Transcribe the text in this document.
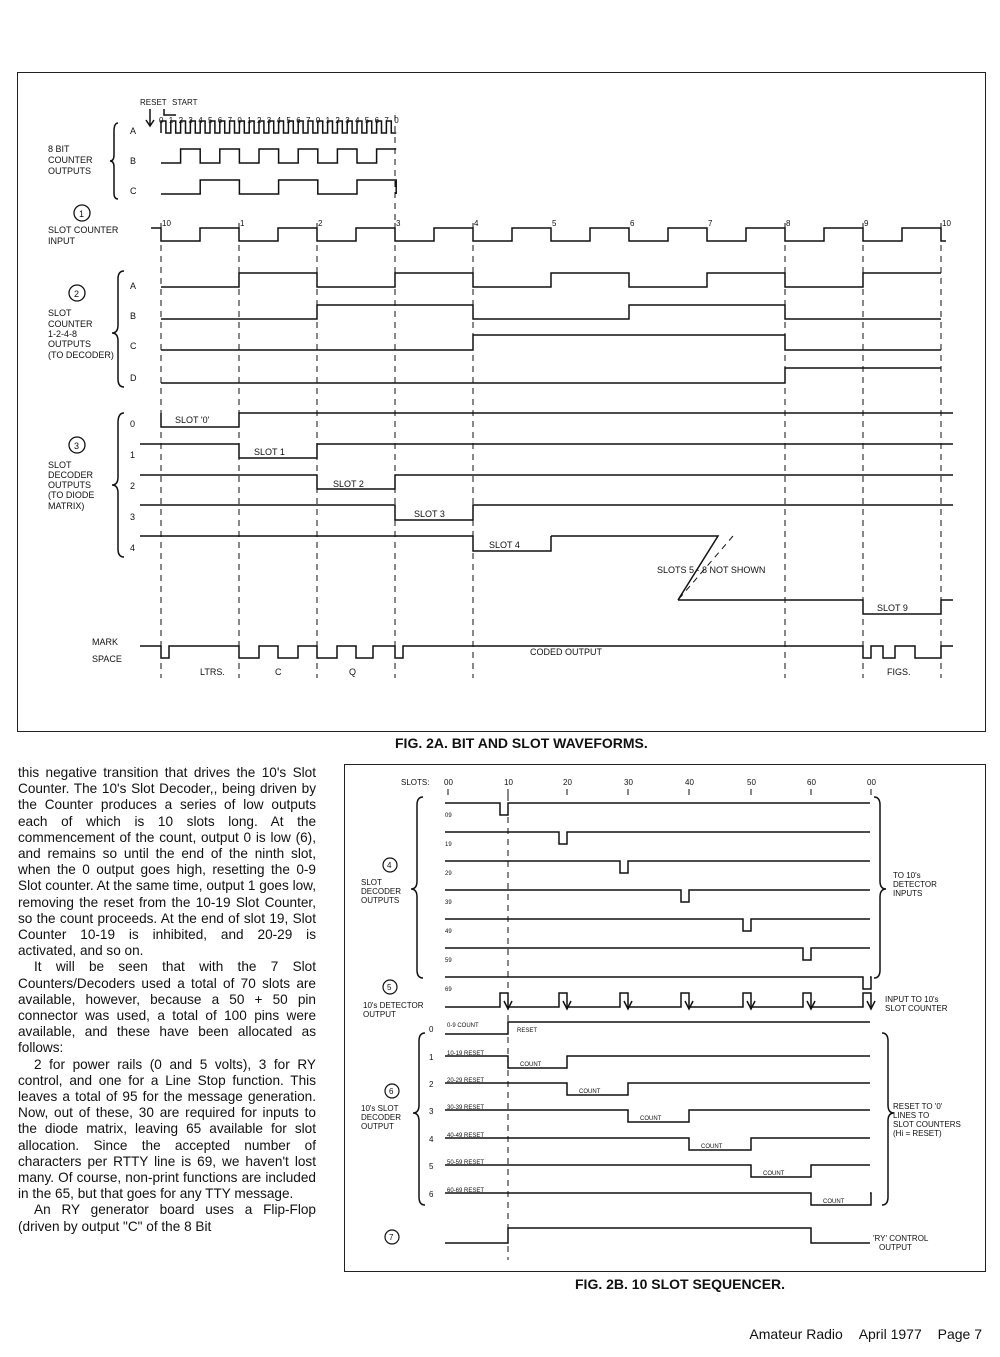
RESET START
0 1 2 3 4 5 6 7 0 1 2 3 4 5 6 7 0 1 2 3 4 5 6 7 0
8 BIT
COUNTER
OUTPUTS
A
B
C
1
SLOT COUNTER
INPUT
10	1	2	3	4	5	6	7	8	9	10
2
SLOT
COUNTER
1-2-4-8
OUTPUTS
(TO DECODER)
A
B
C
D
3
SLOT
DECODER
OUTPUTS
(TO DIODE
MATRIX)
0
1
2
3
4
SLOT '0'
SLOT 1
SLOT 2
SLOT 3
SLOT 4
SLOT 9
SLOTS 5 - 8 NOT SHOWN
MARK
SPACE
CODED OUTPUT
LTRS.	C	Q	FIGS.
FIG. 2A. BIT AND SLOT WAVEFORMS.

this negative transition that drives the 10's Slot Counter. The 10's Slot Decoder,, being driven by the Counter produces a series of low outputs each of which is 10 slots long. At the commencement of the count, output 0 is low (6), and remains so until the end of the ninth slot, when the 0 output goes high, resetting the 0-9 Slot counter. At the same time, output 1 goes low, removing the reset from the 10-19 Slot Counter, so the count proceeds. At the end of slot 19, Slot Counter 10-19 is inhibited, and 20-29 is activated, and so on.

It will be seen that with the 7 Slot Counters/Decoders used a total of 70 slots are available, however, because a 50 + 50 pin connector was used, a total of 100 pins were available, and these have been allocated as follows:

2 for power rails (0 and 5 volts), 3 for RY control, and one for a Line Stop function. This leaves a total of 95 for the message generation. Now, out of these, 30 are required for inputs to the diode matrix, leaving 65 available for slot allocation. Since the accepted number of characters per RTTY line is 69, we haven't lost many. Of course, non-print functions are included in the 65, but that goes for any TTY message.

An RY generator board uses a Flip-Flop (driven by output "C" of the 8 Bit

SLOTS: 00	10	20	30	40	50	60	00
09
19
29
39
49
59
69
4
SLOT
DECODER
OUTPUTS
TO 10's
DETECTOR
INPUTS
5
10's DETECTOR
OUTPUT
INPUT TO 10's
SLOT COUNTER
6
10's SLOT
DECODER
OUTPUT
0
1
2
3
4
5
6
0-9 COUNT
10-19 RESET
20-29 RESET
30-39 RESET
40-49 RESET
50-59 RESET
60-69 RESET
RESET
COUNT
COUNT
COUNT
COUNT
COUNT
COUNT
RESET TO '0'
LINES TO
SLOT COUNTERS
(Hi = RESET)
7	'RY' CONTROL
OUTPUT
FIG. 2B. 10 SLOT SEQUENCER.
Amateur Radio April 1977 Page 7
